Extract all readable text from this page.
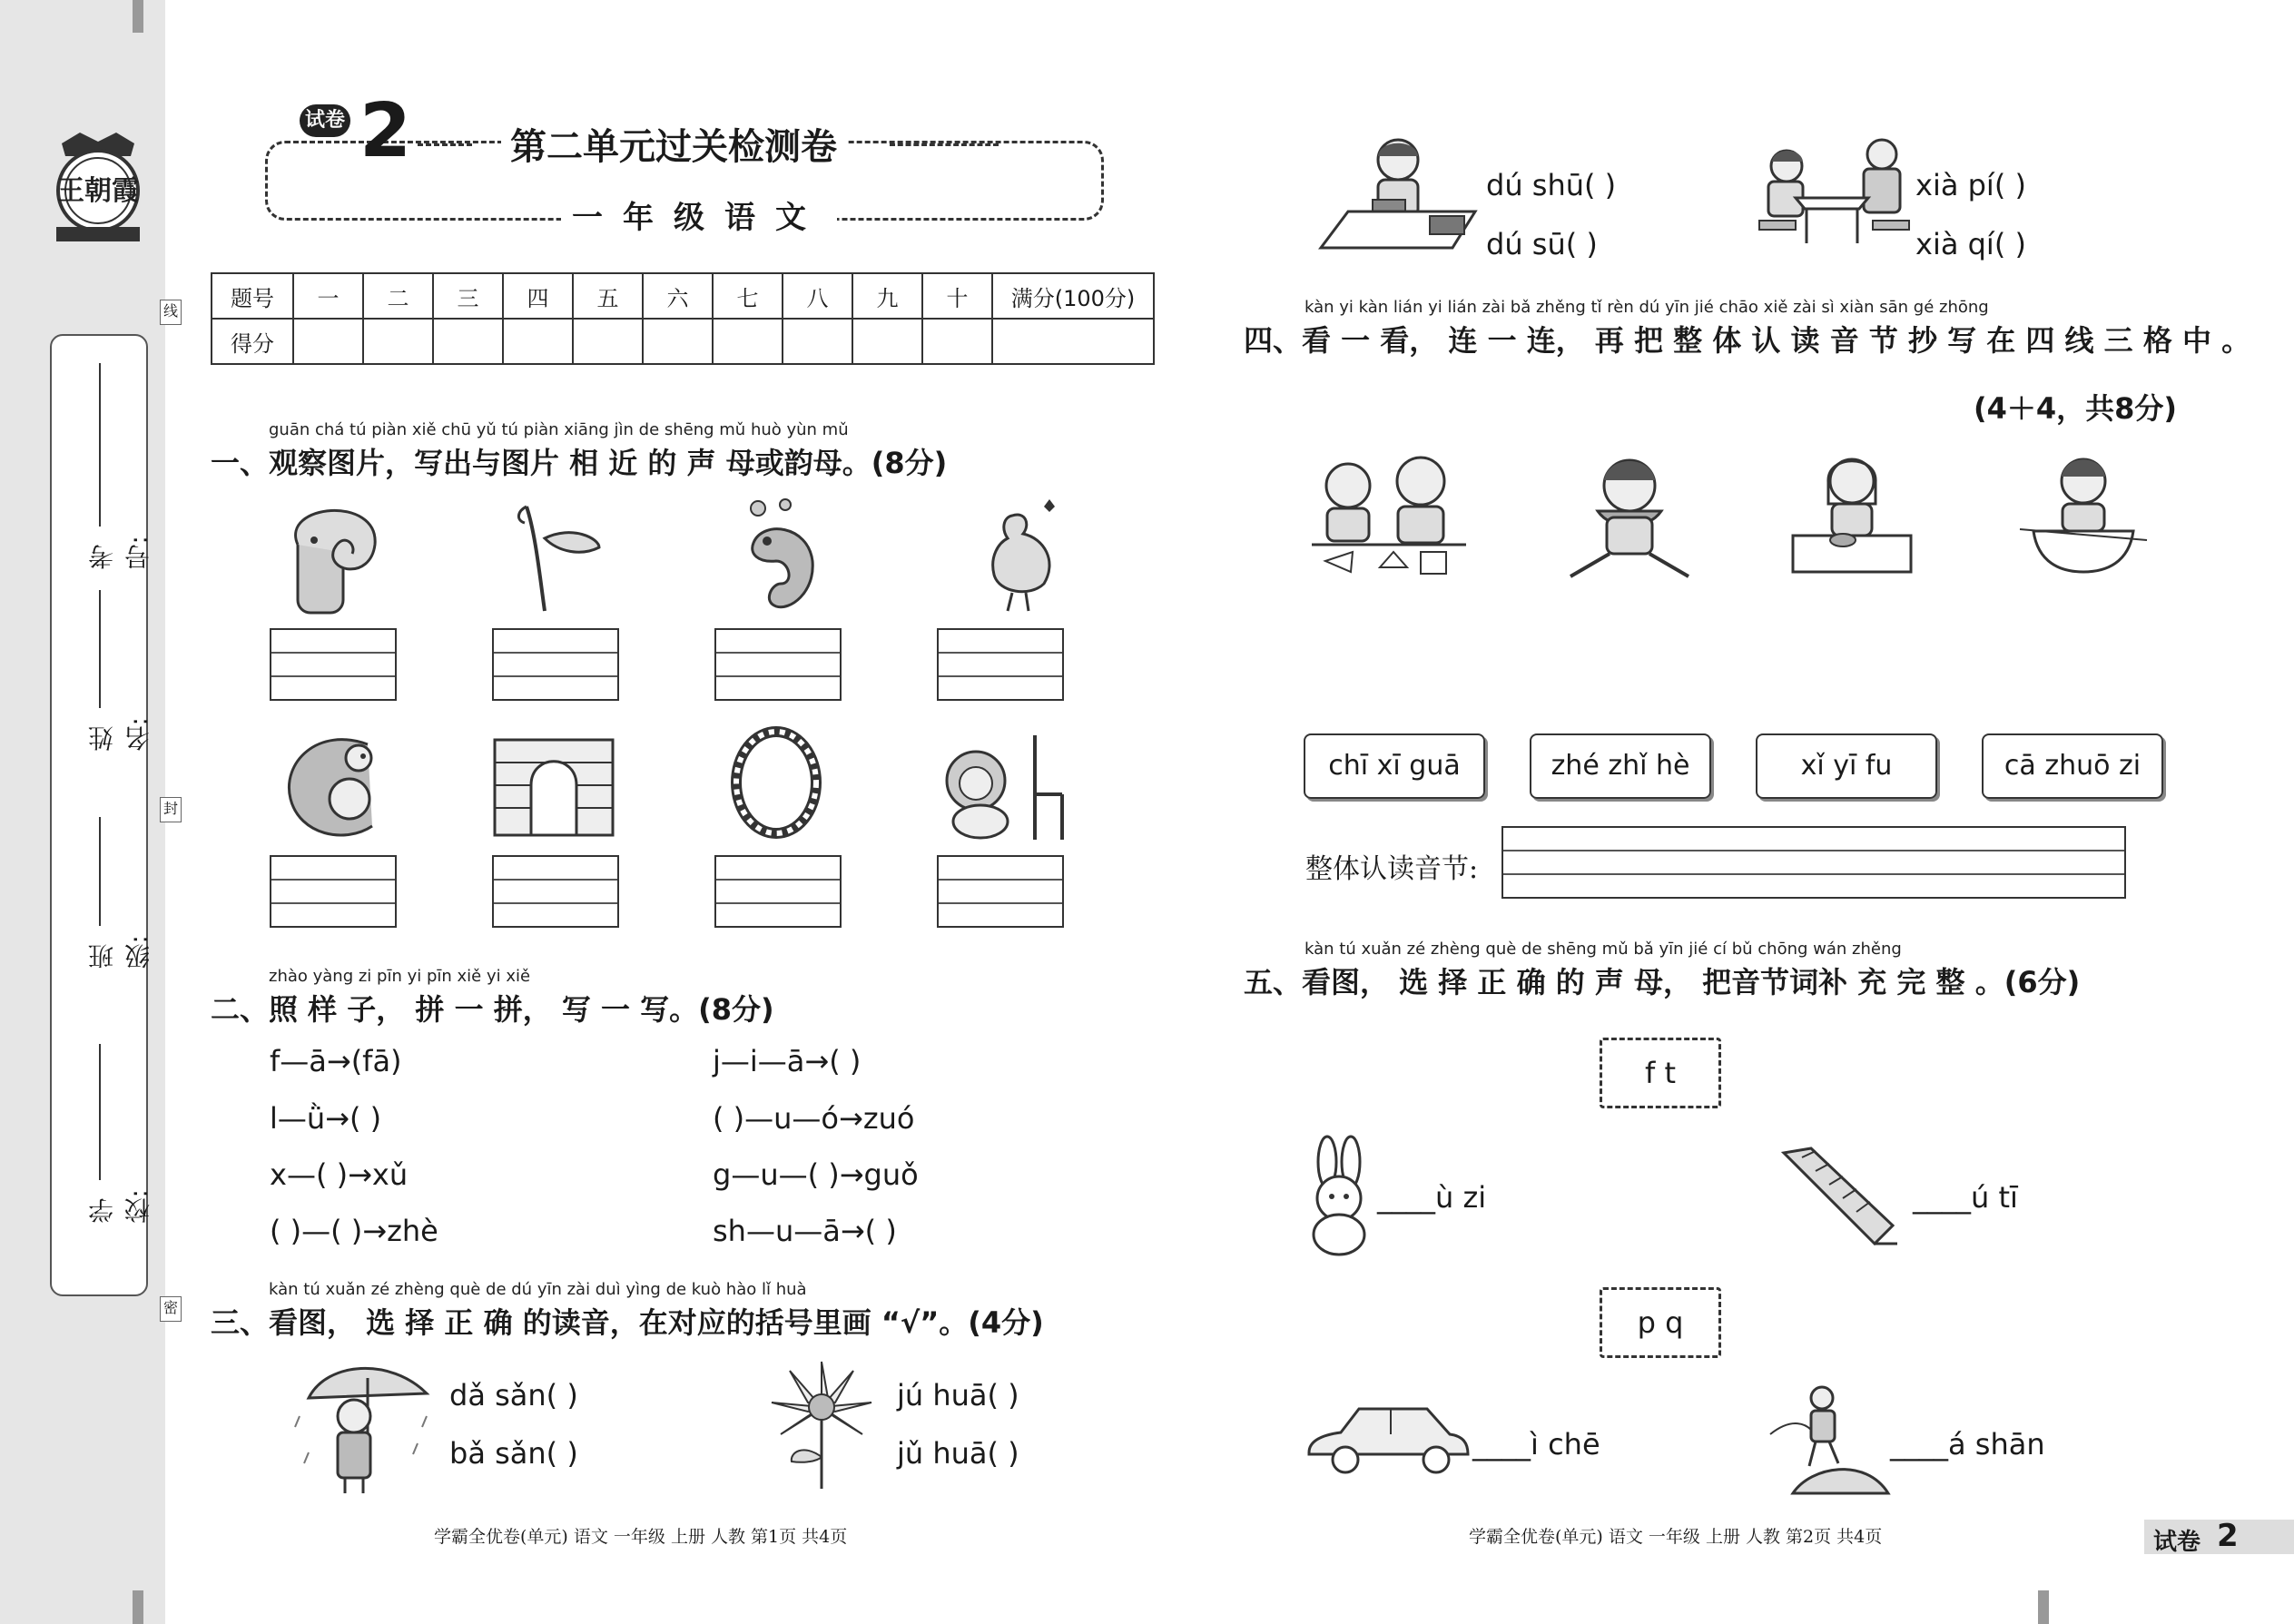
王朝霞
考号:
姓名:
班级:
学校:
线
封
密
试卷 2	第二单元过关检测卷
一年级语文
题号	一	二	三	四	五	六	七	八	九	十	满分(100分)
得分											
guān chá tú piàn xiě chū yǔ tú piàn xiāng jìn de shēng mǔ huò yùn mǔ
一、观察图片，写出与图片 相 近 的 声 母或韵母。(8分)
zhào yàng zi pīn yi pīn xiě yi xiě
二、照 样 子， 拼 一 拼， 写 一 写。(8分)
f—ā→(fā)
l—ǜ→( )
x—( )→xǔ
( )—( )→zhè
j—i—ā→( )
( )—u—ó→zuó
g—u—( )→guǒ
sh—u—ā→( )
kàn tú xuǎn zé zhèng què de dú yīn zài duì yìng de kuò hào lǐ huà
三、看图， 选 择 正 确 的读音，在对应的括号里画 “√”。(4分)
dǎ sǎn( )
bǎ sǎn( )
jú huā( )
jǔ huā( )
dú shū( )
dú sū( )
xià pí( )
xià qí( )
kàn yi kàn lián yi lián zài bǎ zhěng tǐ rèn dú yīn jié chāo xiě zài sì xiàn sān gé zhōng
四、看 一 看， 连 一 连， 再 把 整 体 认 读 音 节 抄 写 在 四 线 三 格 中 。
(4＋4，共8分)
chī xī guā	zhé zhǐ hè	xǐ yī fu	cā zhuō zi
整体认读音节:
kàn tú xuǎn zé zhèng què de shēng mǔ bǎ yīn jié cí bǔ chōng wán zhěng
五、看图， 选 择 正 确 的 声 母， 把音节词补 充 完 整 。(6分)
f t
____ù zi	____ú tī
p q
____ì chē	____á shān
学霸全优卷(单元) 语文 一年级 上册 人教 第1页 共4页	学霸全优卷(单元) 语文 一年级 上册 人教 第2页 共4页	试卷 2
